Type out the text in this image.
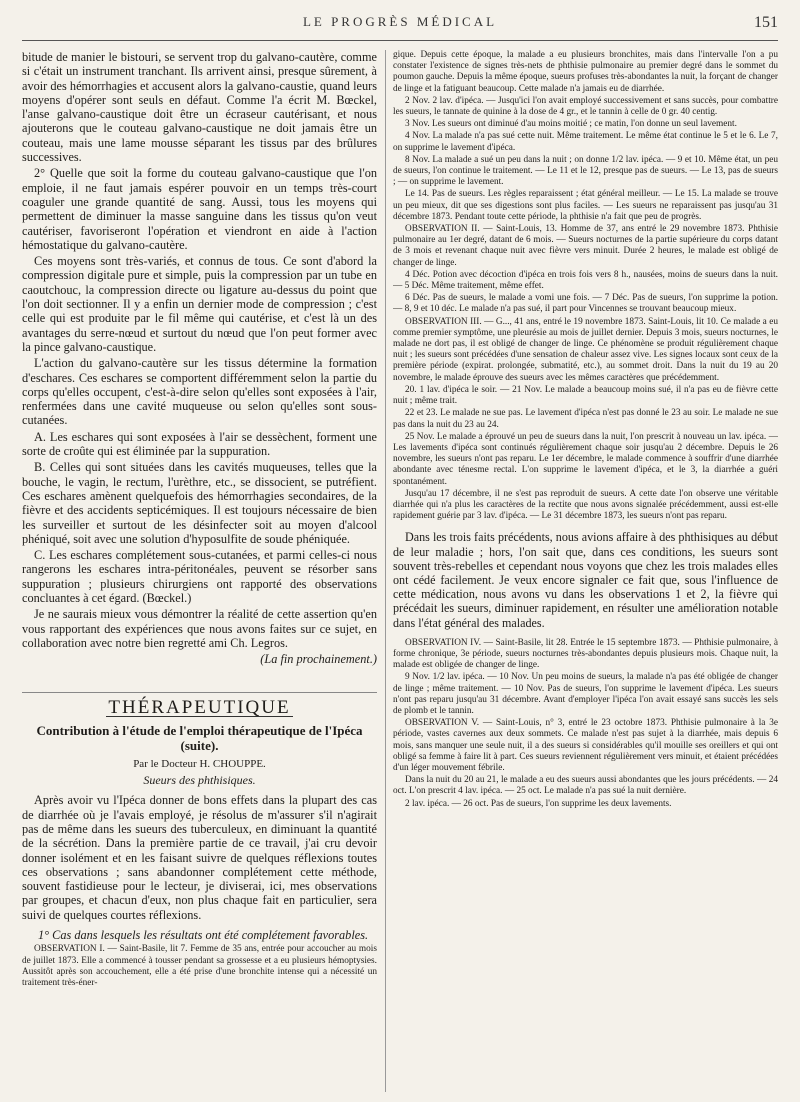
LE PROGRÈS MÉDICAL	151

bitude de manier le bistouri, se servent trop du galvano-cautère, comme si c'était un instrument tranchant. Ils arrivent ainsi, presque sûrement, à avoir des hémorrhagies et accusent alors la galvano-caustie, quand leurs moyens d'opérer sont seuls en défaut. Comme l'a écrit M. Bœckel, l'anse galvano-caustique doit être un écraseur cautérisant, et nous ajouterons que le couteau galvano-caustique ne doit jamais être un couteau, mais une lame mousse séparant les tissus par des brûlures successives.

2° Quelle que soit la forme du couteau galvano-caustique que l'on emploie, il ne faut jamais espérer pouvoir en un temps très-court coaguler une grande quantité de sang. Aussi, tous les moyens qui permettent de diminuer la masse sanguine dans les tissus qu'on veut cautériser, favoriseront l'opération et viendront en aide à l'action hémostatique du galvano-cautère.

Ces moyens sont très-variés, et connus de tous. Ce sont d'abord la compression digitale pure et simple, puis la compression par un tube en caoutchouc, la compression directe ou ligature au-dessus du point que l'on doit sectionner. Il y a enfin un dernier mode de compression ; c'est celle qui est produite par le fil même qui cautérise, et c'est là un des avantages du serre-nœud et surtout du nœud que l'on peut former avec la pince galvano-caustique.

L'action du galvano-cautère sur les tissus détermine la formation d'eschares. Ces eschares se comportent différemment selon la partie du corps qu'elles occupent, c'est-à-dire selon qu'elles sont exposées à l'air, renfermées dans une cavité muqueuse ou selon qu'elles sont sous-cutanées.

A. Les eschares qui sont exposées à l'air se dessèchent, forment une sorte de croûte qui est éliminée par la suppuration.

B. Celles qui sont situées dans les cavités muqueuses, telles que la bouche, le vagin, le rectum, l'urèthre, etc., se dissocient, se putréfient. Ces eschares amènent quelquefois des hémorrhagies secondaires, de la fièvre et des accidents septicémiques. Il est toujours nécessaire de bien les surveiller et surtout de les désinfecter soit au moyen d'alcool phéniqué, soit avec une solution d'hyposulfite de soude phéniquée.

C. Les eschares complétement sous-cutanées, et parmi celles-ci nous rangerons les eschares intra-péritonéales, peuvent se résorber sans suppuration ; plusieurs chirurgiens ont rapporté des observations concluantes à cet égard. (Bœckel.)

Je ne saurais mieux vous démontrer la réalité de cette assertion qu'en vous rapportant des expériences que nous avons faites sur ce sujet, en collaboration avec notre bien regretté ami Ch. Legros.

(La fin prochainement.)
THÉRAPEUTIQUE
Contribution à l'étude de l'emploi thérapeutique de l'Ipéca (suite).
Par le Docteur H. CHOUPPE.
Sueurs des phthisiques.

Après avoir vu l'Ipéca donner de bons effets dans la plupart des cas de diarrhée où je l'avais employé, je résolus de m'assurer s'il n'agirait pas de même dans les sueurs des tuberculeux, en diminuant la quantité de la sécrétion. Dans la première partie de ce travail, j'ai cru devoir donner isolément et en les faisant suivre de quelques réflexions toutes ces observations ; sans abandonner complétement cette méthode, souvent fastidieuse pour le lecteur, je diviserai, ici, mes observations par groupes, et chacun d'eux, non plus chaque fait en particulier, sera suivi de quelques courtes réflexions.

1° Cas dans lesquels les résultats ont été complétement favorables.

OBSERVATION I. — Saint-Basile, lit 7. Femme de 35 ans, entrée pour accoucher au mois de juillet 1873. Elle a commencé à tousser pendant sa grossesse et a eu plusieurs hémoptysies. Aussitôt après son accouchement, elle a été prise d'une bronchite intense qui a nécessité un traitement très-éner-

gique. Depuis cette époque, la malade a eu plusieurs bronchites, mais dans l'intervalle l'on a pu constater l'existence de signes très-nets de phthisie pulmonaire au premier degré dans le sommet du poumon gauche. Depuis la même époque, sueurs profuses très-abondantes la nuit, la forçant de changer de linge et la fatiguant beaucoup. Cette malade n'a jamais eu de diarrhée.

2 Nov. 2 lav. d'ipéca. — Jusqu'ici l'on avait employé successivement et sans succès, pour combattre les sueurs, le tannate de quinine à la dose de 4 gr., et le tannin à celle de 0 gr. 40 centig.

3 Nov. Les sueurs ont diminué d'au moins moitié ; ce matin, l'on donne un seul lavement.

4 Nov. La malade n'a pas sué cette nuit. Même traitement. Le même état continue le 5 et le 6. Le 7, on supprime le lavement d'ipéca.

8 Nov. La malade a sué un peu dans la nuit ; on donne 1/2 lav. ipéca. — 9 et 10. Même état, un peu de sueurs, l'on continue le traitement. — Le 11 et le 12, presque pas de sueurs. — Le 13, pas de sueurs ; — on supprime le lavement.

Le 14. Pas de sueurs. Les règles reparaissent ; état général meilleur. — Le 15. La malade se trouve un peu mieux, dit que ses digestions sont plus faciles. — Les sueurs ne reparaissent pas jusqu'au 31 décembre 1873. Pendant toute cette période, la phthisie n'a fait que peu de progrès.

OBSERVATION II. — Saint-Louis, 13. Homme de 37, ans entré le 29 novembre 1873. Phthisie pulmonaire au 1er degré, datant de 6 mois. — Sueurs nocturnes de la partie supérieure du corps datant de 3 mois et revenant chaque nuit avec fièvre vers minuit. Durée 2 heures, le malade est obligé de changer de linge.

4 Déc. Potion avec décoction d'ipéca en trois fois vers 8 h., nausées, moins de sueurs dans la nuit. — 5 Déc. Même traitement, même effet.

6 Déc. Pas de sueurs, le malade a vomi une fois. — 7 Déc. Pas de sueurs, l'on supprime la potion. — 8, 9 et 10 déc. Le malade n'a pas sué, il part pour Vincennes se trouvant beaucoup mieux.

OBSERVATION III. — G..., 41 ans, entré le 19 novembre 1873. Saint-Louis, lit 10. Ce malade a eu comme premier symptôme, une pleurésie au mois de juillet dernier. Depuis 3 mois, sueurs nocturnes, le malade ne dort pas, il est obligé de changer de linge. Ce phénomène se produit régulièrement chaque nuit ; les sueurs sont précédées d'une sensation de chaleur assez vive. Les signes locaux sont ceux de la première période (expirat. prolongée, submatité, etc.), au sommet droit. Dans la nuit du 19 au 20 novembre, le malade éprouve des sueurs avec les mêmes caractères que précédemment.

20. 1 lav. d'ipéca le soir. — 21 Nov. Le malade a beaucoup moins sué, il n'a pas eu de fièvre cette nuit ; même trait.

22 et 23. Le malade ne sue pas. Le lavement d'ipéca n'est pas donné le 23 au soir. Le malade ne sue pas dans la nuit du 23 au 24.

25 Nov. Le malade a éprouvé un peu de sueurs dans la nuit, l'on prescrit à nouveau un lav. ipéca. — Les lavements d'ipéca sont continués régulièrement chaque soir jusqu'au 2 décembre. Depuis le 26 novembre, les sueurs n'ont pas reparu. Le 1er décembre, le malade commence à souffrir d'une diarrhée abondante avec ténesme rectal. L'on supprime le lavement d'ipéca, et le 3, la diarrhée a guéri spontanément.

Jusqu'au 17 décembre, il ne s'est pas reproduit de sueurs. A cette date l'on observe une véritable diarrhée qui n'a plus les caractères de la rectite que nous avons signalée précédemment, aussi est-elle rapidement guérie par 3 lav. d'ipéca. — Le 31 décembre 1873, les sueurs n'ont pas reparu.

Dans les trois faits précédents, nous avions affaire à des phthisiques au début de leur maladie ; hors, l'on sait que, dans ces conditions, les sueurs sont souvent très-rebelles et cependant nous voyons que chez les trois malades elles ont cédé facilement. Je veux encore signaler ce fait que, sous l'influence de cette médication, nous avons vu dans les observations 1 et 2, la fièvre qui précédait les sueurs, diminuer rapidement, en résulter une amélioration notable dans l'état général des malades.

OBSERVATION IV. — Saint-Basile, lit 28. Entrée le 15 septembre 1873. — Phthisie pulmonaire, à forme chronique, 3e période, sueurs nocturnes très-abondantes depuis plusieurs mois. Chaque nuit, la malade est obligée de changer de linge.

9 Nov. 1/2 lav. ipéca. — 10 Nov. Un peu moins de sueurs, la malade n'a pas été obligée de changer de linge ; même traitement. — 10 Nov. Pas de sueurs, l'on supprime le lavement d'ipéca. Les sueurs n'ont pas reparu jusqu'au 31 décembre. Avant d'employer l'ipéca l'on avait essayé sans succès les sels de plomb et le tannin.

OBSERVATION V. — Saint-Louis, n° 3, entré le 23 octobre 1873. Phthisie pulmonaire à la 3e période, vastes cavernes aux deux sommets. Ce malade n'est pas sujet à la diarrhée, mais depuis 6 mois, sans manquer une seule nuit, il a des sueurs si considérables qu'il mouille ses oreillers et qui ont obligé sa femme à faire lit à part. Ces sueurs reviennent régulièrement vers minuit, et étaient précédées d'un léger mouvement fébrile.

Dans la nuit du 20 au 21, le malade a eu des sueurs aussi abondantes que les jours précédents. — 24 oct. L'on prescrit 4 lav. ipéca. — 25 oct. Le malade n'a pas sué la nuit dernière.

2 lav. ipéca. — 26 oct. Pas de sueurs, l'on supprime les deux lavements.
